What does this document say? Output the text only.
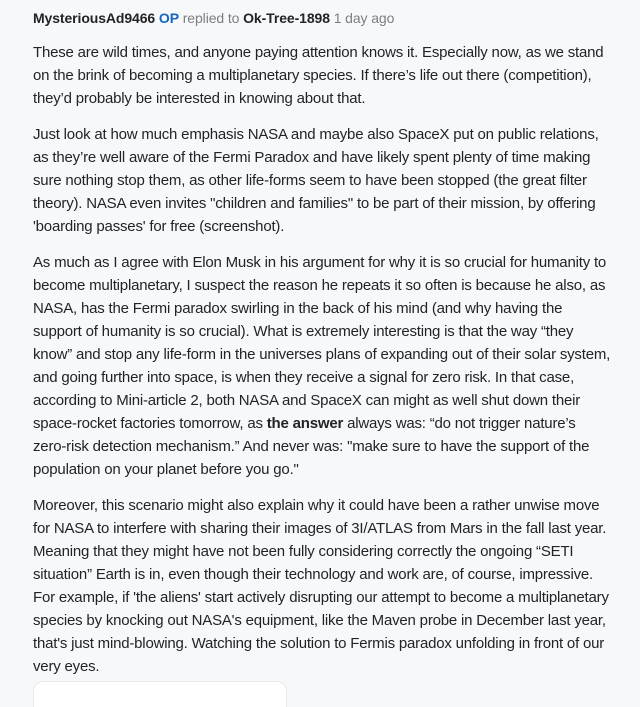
MysteriousAd9466 OP replied to Ok-Tree-1898 1 day ago

These are wild times, and anyone paying attention knows it. Especially now, as we stand on the brink of becoming a multiplanetary species. If there’s life out there (competition), they’d probably be interested in knowing about that.

Just look at how much emphasis NASA and maybe also SpaceX put on public relations, as they’re well aware of the Fermi Paradox and have likely spent plenty of time making sure nothing stop them, as other life-forms seem to have been stopped (the great filter theory). NASA even invites "children and families" to be part of their mission, by offering 'boarding passes' for free (screenshot).

As much as I agree with Elon Musk in his argument for why it is so crucial for humanity to become multiplanetary, I suspect the reason he repeats it so often is because he also, as NASA, has the Fermi paradox swirling in the back of his mind (and why having the support of humanity is so crucial). What is extremely interesting is that the way “they know” and stop any life-form in the universes plans of expanding out of their solar system, and going further into space, is when they receive a signal for zero risk. In that case, according to Mini-article 2, both NASA and SpaceX can might as well shut down their space-rocket factories tomorrow, as the answer always was: “do not trigger nature’s zero-risk detection mechanism.” And never was: "make sure to have the support of the population on your planet before you go."

Moreover, this scenario might also explain why it could have been a rather unwise move for NASA to interfere with sharing their images of 3I/ATLAS from Mars in the fall last year. Meaning that they might have not been fully considering correctly the ongoing “SETI situation” Earth is in, even though their technology and work are, of course, impressive. For example, if 'the aliens' start actively disrupting our attempt to become a multiplanetary species by knocking out NASA's equipment, like the Maven probe in December last year, that's just mind-blowing. Watching the solution to Fermis paradox unfolding in front of our very eyes.
